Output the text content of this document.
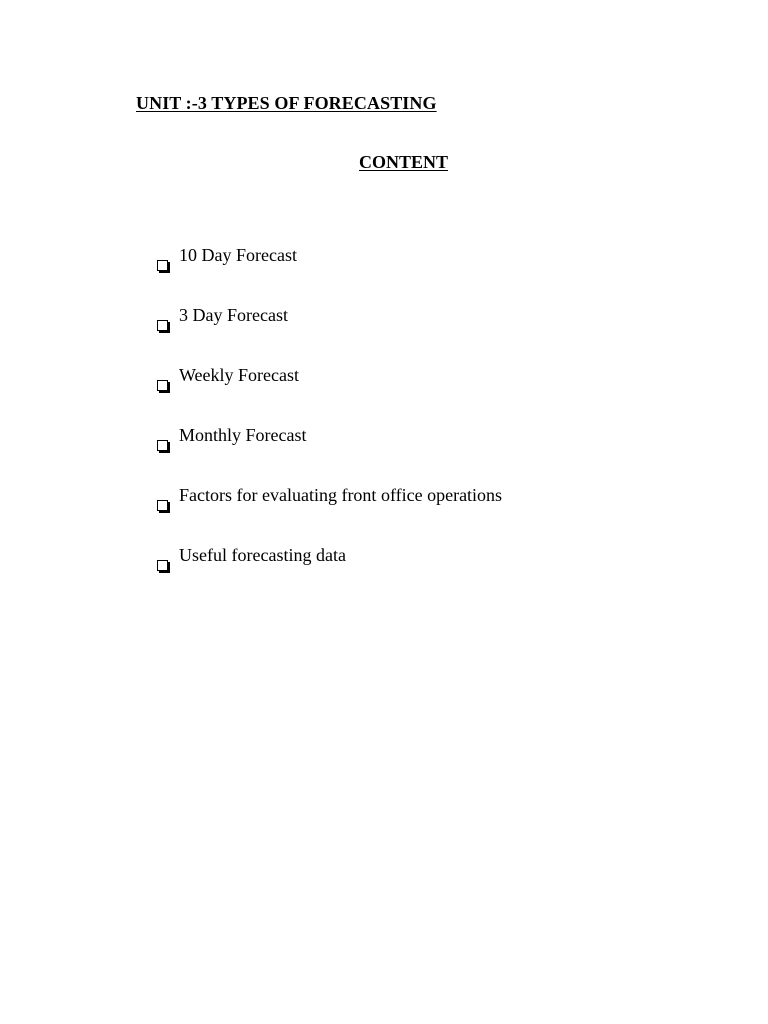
UNIT :-3 TYPES OF FORECASTING
CONTENT
10 Day Forecast
3 Day Forecast
Weekly Forecast
Monthly Forecast
Factors for evaluating front office operations
Useful forecasting data
